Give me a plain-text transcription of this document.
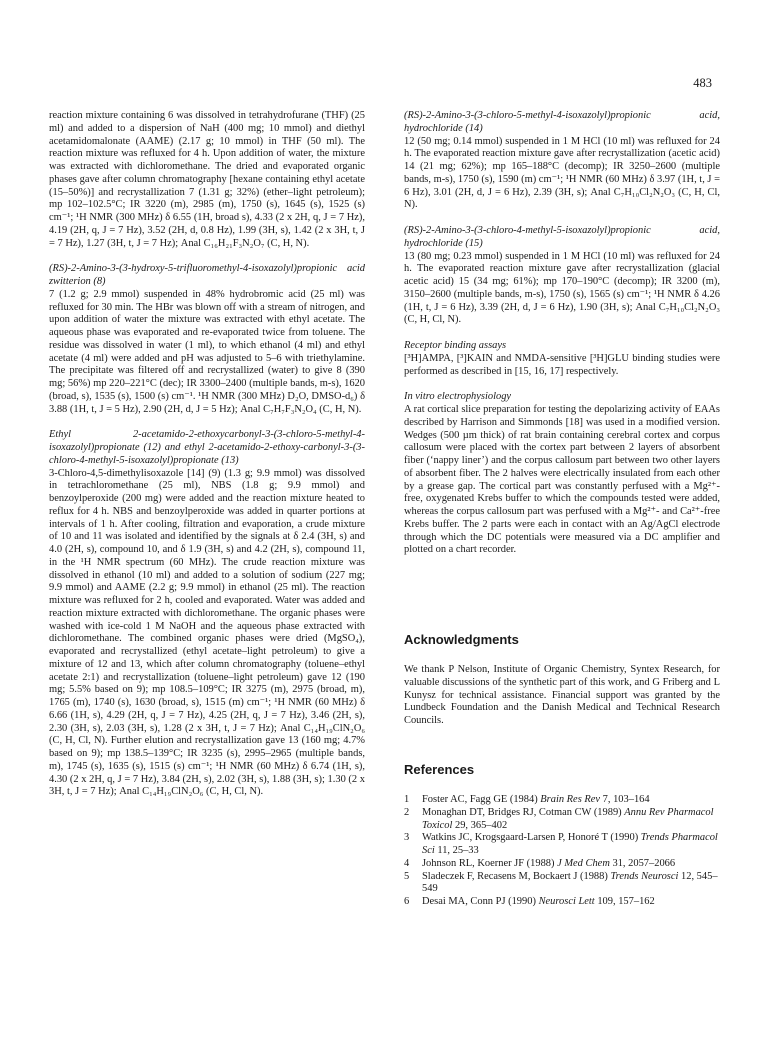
483

reaction mixture containing 6 was dissolved in tetrahydrofurane (THF) (25 ml) and added to a dispersion of NaH (400 mg; 10 mmol) and diethyl acetamidomalonate (AAME) (2.17 g; 10 mmol) in THF (50 ml). The reaction mixture was refluxed for 4 h. Upon addition of water, the mixture was extracted with dichloromethane. The dried and evaporated organic phases gave after column chromatography [hexane containing ethyl acetate (15–50%)] and recrystallization 7 (1.31 g; 32%) (ether–light petroleum); mp 102–102.5°C; IR 3220 (m), 2985 (m), 1750 (s), 1645 (s), 1525 (s) cm⁻¹; ¹H NMR (300 MHz) δ 6.55 (1H, broad s), 4.33 (2 x 2H, q, J = 7 Hz), 4.19 (2H, q, J = 7 Hz), 3.52 (2H, d, 0.8 Hz), 1.99 (3H, s), 1.42 (2 x 3H, t, J = 7 Hz), 1.27 (3H, t, J = 7 Hz); Anal C₁₆H₂₁F₃N₂O₇ (C, H, N).

(RS)-2-Amino-3-(3-hydroxy-5-trifluoromethyl-4-isoxazolyl)propionic acid zwitterion (8)

7 (1.2 g; 2.9 mmol) suspended in 48% hydrobromic acid (25 ml) was refluxed for 30 min. The HBr was blown off with a stream of nitrogen, and upon addition of water the mixture was extracted with ethyl acetate. The aqueous phase was evaporated and re-evaporated twice from toluene. The residue was dissolved in water (1 ml), to which ethanol (4 ml) and ethyl acetate (4 ml) were added and pH was adjusted to 5–6 with triethylamine. The precipitate was filtered off and recrystallized (water) to give 8 (390 mg; 56%) mp 220–221°C (dec); IR 3300–2400 (multiple bands, m-s), 1620 (broad, s), 1535 (s), 1500 (s) cm⁻¹. ¹H NMR (300 MHz) D₂O, DMSO-d₆) δ 3.88 (1H, t, J = 5 Hz), 2.90 (2H, d, J = 5 Hz); Anal C₇H₇F₃N₂O₄ (C, H, N).

Ethyl 2-acetamido-2-ethoxycarbonyl-3-(3-chloro-5-methyl-4-isoxazolyl)propionate (12) and ethyl 2-acetamido-2-ethoxy-carbonyl-3-(3-chloro-4-methyl-5-isoxazolyl)propionate (13)

3-Chloro-4,5-dimethylisoxazole [14] (9) (1.3 g; 9.9 mmol) was dissolved in tetrachloromethane (25 ml), NBS (1.8 g; 9.9 mmol) and benzoylperoxide (200 mg) were added and the reaction mixture heated to reflux for 4 h. NBS and benzoylperoxide was added in quarter portions at intervals of 1 h. After cooling, filtration and evaporation, a crude mixture of 10 and 11 was isolated and identified by the signals at δ 2.4 (3H, s) and 4.0 (2H, s), compound 10, and δ 1.9 (3H, s) and 4.2 (2H, s), compound 11, in the ¹H NMR spectrum (60 MHz). The crude reaction mixture was dissolved in ethanol (10 ml) and added to a solution of sodium (227 mg; 9.9 mmol) and AAME (2.2 g; 9.9 mmol) in ethanol (25 ml). The reaction mixture was refluxed for 2 h, cooled and evaporated. Water was added and reaction mixture extracted with dichloromethane. The organic phases were washed with ice-cold 1 M NaOH and the aqueous phase extracted with dichloromethane. The combined organic phases were dried (MgSO₄), evaporated and recrystallized (ethyl acetate–light petroleum) to give a mixture of 12 and 13, which after column chromatography (toluene–ethyl acetate 2:1) and recrystallization (toluene–light petroleum) gave 12 (190 mg; 5.5% based on 9); mp 108.5–109°C; IR 3275 (m), 2975 (broad, m), 1765 (m), 1740 (s), 1630 (broad, s), 1515 (m) cm⁻¹; ¹H NMR (60 MHz) δ 6.66 (1H, s), 4.29 (2H, q, J = 7 Hz), 4.25 (2H, q, J = 7 Hz), 3.46 (2H, s), 2.30 (3H, s), 2.03 (3H, s), 1.28 (2 x 3H, t, J = 7 Hz); Anal C₁₄H₁₉ClN₂O₆ (C, H, Cl, N). Further elution and recrystallization gave 13 (160 mg; 4.7% based on 9); mp 138.5–139°C; IR 3235 (s), 2995–2965 (multiple bands, m), 1745 (s), 1635 (s), 1515 (s) cm⁻¹; ¹H NMR (60 MHz) δ 6.74 (1H, s), 4.30 (2 x 2H, q, J = 7 Hz), 3.84 (2H, s), 2.02 (3H, s), 1.88 (3H, s); 1.30 (2 x 3H, t, J = 7 Hz); Anal C₁₄H₁₉ClN₂O₆ (C, H, Cl, N).

(RS)-2-Amino-3-(3-chloro-5-methyl-4-isoxazolyl)propionic acid, hydrochloride (14)

12 (50 mg; 0.14 mmol) suspended in 1 M HCl (10 ml) was refluxed for 24 h. The evaporated reaction mixture gave after recrystallization (acetic acid) 14 (21 mg; 62%); mp 165–188°C (decomp); IR 3250–2600 (multiple bands, m-s), 1750 (s), 1590 (m) cm⁻¹; ¹H NMR (60 MHz) δ 3.97 (1H, t, J = 6 Hz), 3.01 (2H, d, J = 6 Hz), 2.39 (3H, s); Anal C₇H₁₀Cl₂N₂O₃ (C, H, Cl, N).

(RS)-2-Amino-3-(3-chloro-4-methyl-5-isoxazolyl)propionic acid, hydrochloride (15)

13 (80 mg; 0.23 mmol) suspended in 1 M HCl (10 ml) was refluxed for 24 h. The evaporated reaction mixture gave after recrystallization (glacial acetic acid) 15 (34 mg; 61%); mp 170–190°C (decomp); IR 3200 (m), 3150–2600 (multiple bands, m-s), 1750 (s), 1565 (s) cm⁻¹; ¹H NMR δ 4.26 (1H, t, J = 6 Hz), 3.39 (2H, d, J = 6 Hz), 1.90 (3H, s); Anal C₇H₁₀Cl₂N₂O₃ (C, H, Cl, N).

Receptor binding assays

[³H]AMPA, [³]KAIN and NMDA-sensitive [³H]GLU binding studies were performed as described in [15, 16, 17] respectively.

In vitro electrophysiology

A rat cortical slice preparation for testing the depolarizing activity of EAAs described by Harrison and Simmonds [18] was used in a modified version. Wedges (500 µm thick) of rat brain containing cerebral cortex and corpus callosum were placed with the cortex part between 2 layers of absorbent fiber (‘nappy liner’) and the corpus callosum part between two other layers of absorbent fiber. The 2 halves were electrically insulated from each other by a grease gap. The cortical part was constantly perfused with a Mg²⁺-free, oxygenated Krebs buffer to which the compounds tested were added, whereas the corpus callosum part was perfused with a Mg²⁺- and Ca²⁺-free Krebs buffer. The 2 parts were each in contact with an Ag/AgCl electrode through which the DC potentials were measured via a DC amplifier and plotted on a chart recorder.

Acknowledgments

We thank P Nelson, Institute of Organic Chemistry, Syntex Research, for valuable discussions of the synthetic part of this work, and G Friberg and L Kunysz for technical assistance. Financial support was granted by the Lundbeck Foundation and the Danish Medical and Technical Research Councils.

References
1	Foster AC, Fagg GE (1984) Brain Res Rev 7, 103–164
2	Monaghan DT, Bridges RJ, Cotman CW (1989) Annu Rev Pharmacol Toxicol 29, 365–402
3	Watkins JC, Krogsgaard-Larsen P, Honoré T (1990) Trends Pharmacol Sci 11, 25–33
4	Johnson RL, Koerner JF (1988) J Med Chem 31, 2057–2066
5	Sladeczek F, Recasens M, Bockaert J (1988) Trends Neurosci 12, 545–549
6	Desai MA, Conn PJ (1990) Neurosci Lett 109, 157–162
